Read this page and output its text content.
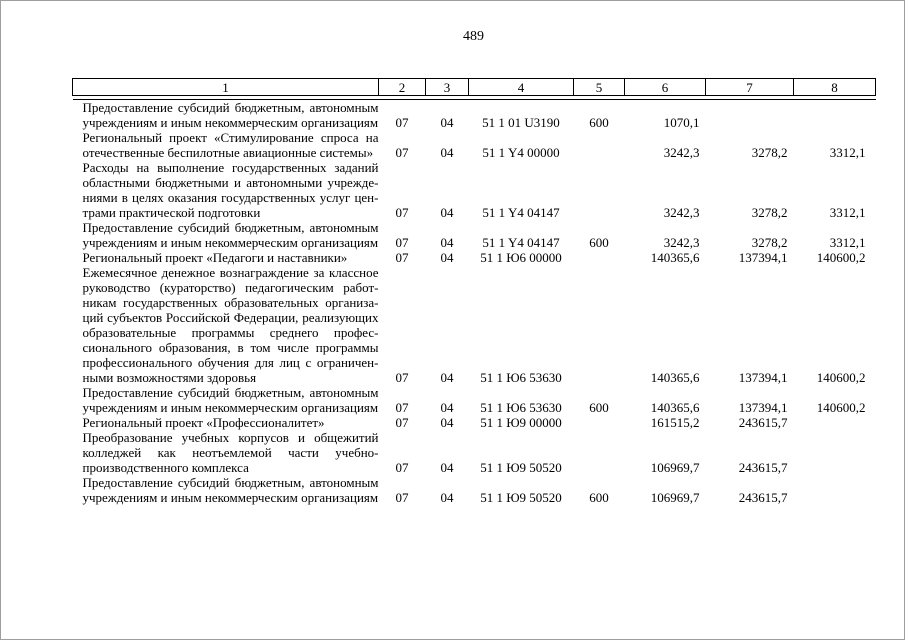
489
1	2	3	4	5	6	7	8

Предоставление субсидий бюджетным, автономным учреждениям и иным некоммерческим организациям	07	04	51 1 01 U3190	600	1070,1		
Региональный проект «Стимулирование спроса на отечественные беспилотные авиационные системы»	07	04	51 1 Y4 00000		3242,3	3278,2	3312,1
Расходы на выполнение государственных заданий областными бюджетными и автономными учреждениями в целях оказания государственных услуг центрами практической подготовки	07	04	51 1 Y4 04147		3242,3	3278,2	3312,1
Предоставление субсидий бюджетным, автономным учреждениям и иным некоммерческим организациям	07	04	51 1 Y4 04147	600	3242,3	3278,2	3312,1
Региональный проект «Педагоги и наставники»	07	04	51 1 Ю6 00000		140365,6	137394,1	140600,2
Ежемесячное денежное вознаграждение за классное руководство (кураторство) педагогическим работникам государственных образовательных организаций субъектов Российской Федерации, реализующих образовательные программы среднего профессионального образования, в том числе программы профессионального обучения для лиц с ограниченными возможностями здоровья	07	04	51 1 Ю6 53630		140365,6	137394,1	140600,2
Предоставление субсидий бюджетным, автономным учреждениям и иным некоммерческим организациям	07	04	51 1 Ю6 53630	600	140365,6	137394,1	140600,2
Региональный проект «Профессионалитет»	07	04	51 1 Ю9 00000		161515,2	243615,7	
Преобразование учебных корпусов и общежитий колледжей как неотъемлемой части учебно-производственного комплекса	07	04	51 1 Ю9 50520		106969,7	243615,7	
Предоставление субсидий бюджетным, автономным учреждениям и иным некоммерческим организациям	07	04	51 1 Ю9 50520	600	106969,7	243615,7	
